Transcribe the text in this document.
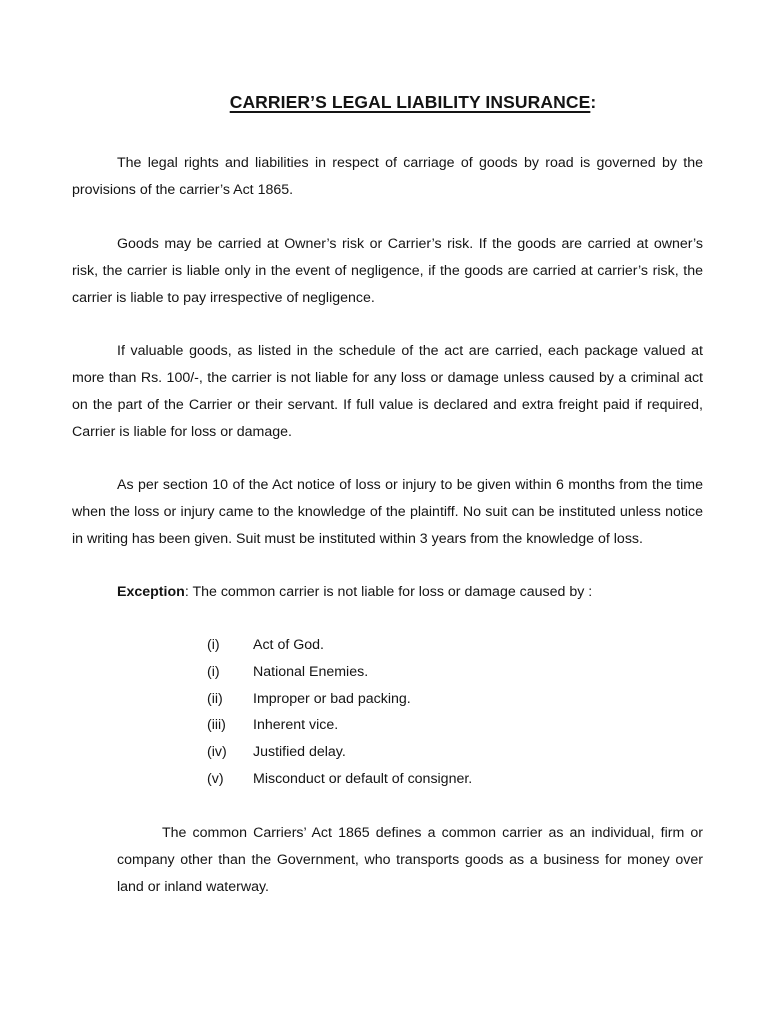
CARRIER’S LEGAL LIABILITY INSURANCE:

The legal rights and liabilities in respect of carriage of goods by road is governed by the provisions of the carrier’s Act 1865.

Goods may be carried at Owner’s risk or Carrier’s risk. If the goods are carried at owner’s risk, the carrier is liable only in the event of negligence, if the goods are carried at carrier’s risk, the carrier is liable to pay irrespective of negligence.

If valuable goods, as listed in the schedule of the act are carried, each package valued at more than Rs. 100/-, the carrier is not liable for any loss or damage unless caused by a criminal act on the part of the Carrier or their servant. If full value is declared and extra freight paid if required, Carrier is liable for loss or damage.

As per section 10 of the Act notice of loss or injury to be given within 6 months from the time when the loss or injury came to the knowledge of the plaintiff. No suit can be instituted unless notice in writing has been given. Suit must be instituted within 3 years from the knowledge of loss.

Exception: The common carrier is not liable for loss or damage caused by :

(i)	Act of God.
(i)	National Enemies.
(ii)	Improper or bad packing.
(iii)	Inherent vice.
(iv)	Justified delay.
(v)	Misconduct or default of consigner.

The common Carriers’ Act 1865 defines a common carrier as an individual, firm or company other than the Government, who transports goods as a business for money over land or inland waterway.
